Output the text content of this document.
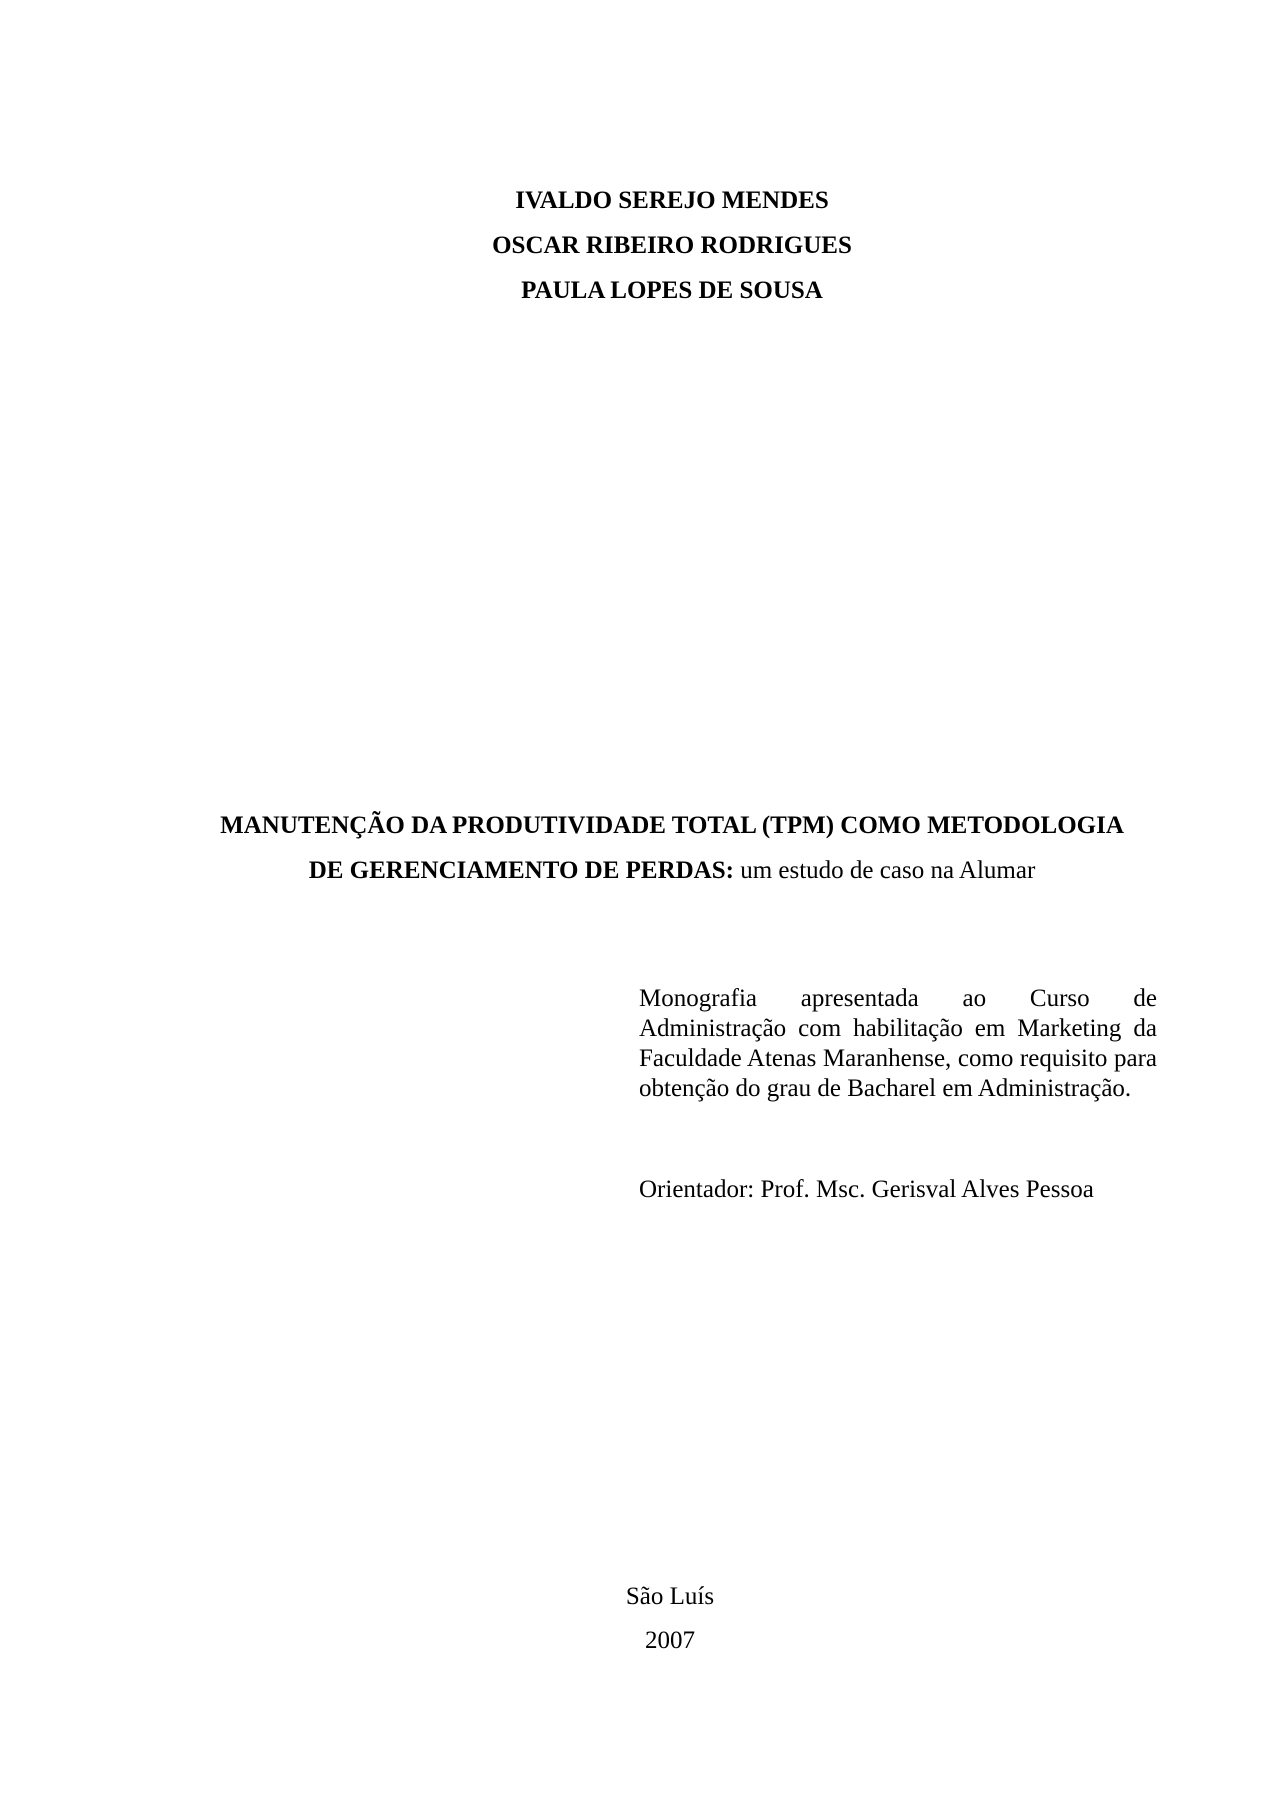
IVALDO SEREJO MENDES
OSCAR RIBEIRO RODRIGUES
PAULA LOPES DE SOUSA
MANUTENÇÃO DA PRODUTIVIDADE TOTAL (TPM) COMO METODOLOGIA
DE GERENCIAMENTO DE PERDAS: um estudo de caso na Alumar
Monografia apresentada ao Curso de Administração com habilitação em Marketing da Faculdade Atenas Maranhense, como requisito para obtenção do grau de Bacharel em Administração.
Orientador: Prof. Msc. Gerisval Alves Pessoa
São Luís
2007
